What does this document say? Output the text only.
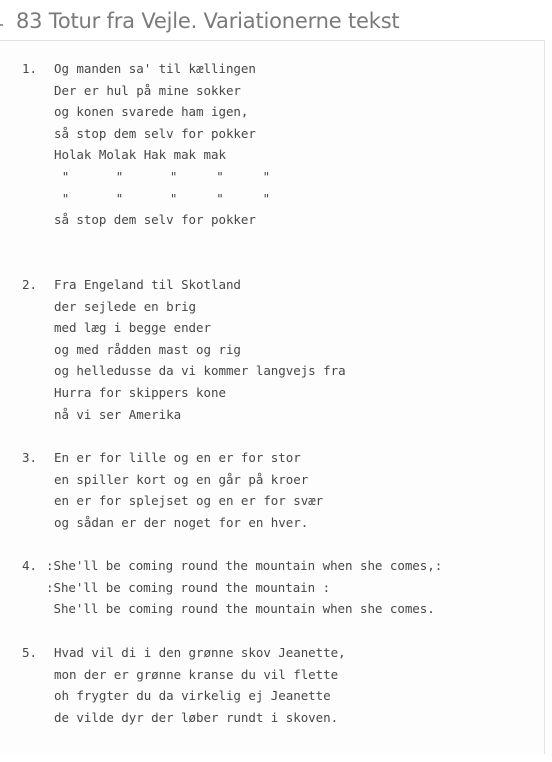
83 Totur fra Vejle. Variationerne tekst
1. Og manden sa' til kællingen
Der er hul på mine sokker
og konen svarede ham igen,
så stop dem selv for pokker
Holak Molak Hak mak mak
"      "      "     "     "
"      "      "     "     "
så stop dem selv for pokker
2. Fra Engeland til Skotland
der sejlede en brig
med læg i begge ender
og med rådden mast og rig
og helledusse da vi kommer langvejs fra
Hurra for skippers kone
nå vi ser Amerika
3. En er for lille og en er for stor
en spiller kort og en går på kroer
en er for splejset og en er for svær
og sådan er der noget for en hver.
4. :She'll be coming round the mountain when she comes,:
:She'll be coming round the mountain :
She'll be coming round the mountain when she comes.
5. Hvad vil di i den grønne skov Jeanette,
mon der er grønne kranse du vil flette
oh frygter du da virkelig ej Jeanette
de vilde dyr der løber rundt i skoven.
